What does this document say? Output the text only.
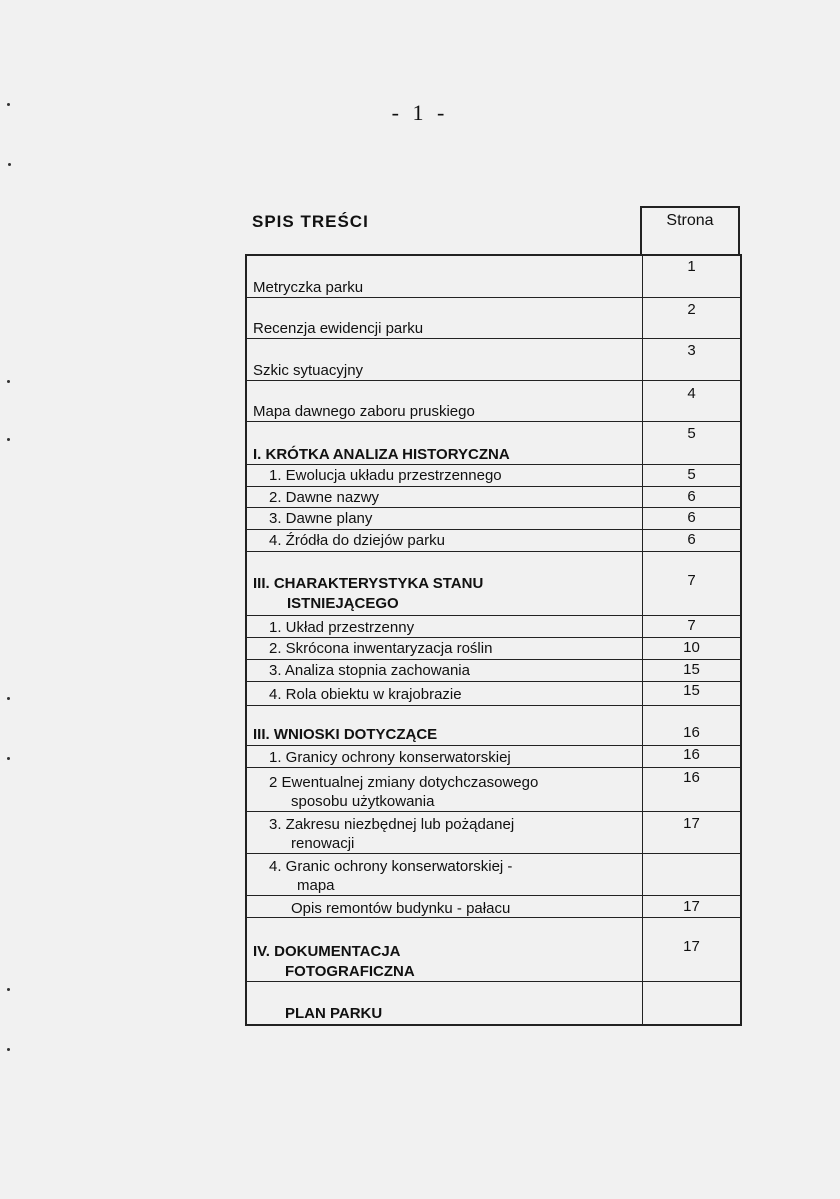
- 1 -
SPIS TREŚCI	Strona
1
Metryczka parku
2
Recenzja ewidencji parku
3
Szkic sytuacyjny
4
Mapa dawnego zaboru pruskiego
5
I. KRÓTKA ANALIZA HISTORYCZNA
5
1. Ewolucja układu przestrzennego
6
2. Dawne nazwy
6
3. Dawne plany
6
4. Źródła do dziejów parku
7
III. CHARAKTERYSTYKA STANU
ISTNIEJĄCEGO
7
1. Układ przestrzenny
10
2. Skrócona inwentaryzacja roślin
15
3. Analiza stopnia zachowania
15
4. Rola obiektu w krajobrazie
16
III. WNIOSKI DOTYCZĄCE
16
1. Granicy ochrony konserwatorskiej
16
2 Ewentualnej zmiany dotychczasowego
sposobu użytkowania
17
3. Zakresu niezbędnej lub pożądanej
renowacji
4. Granic ochrony konserwatorskiej -
mapa
17
Opis remontów budynku - pałacu
17
IV. DOKUMENTACJA
FOTOGRAFICZNA
PLAN PARKU
